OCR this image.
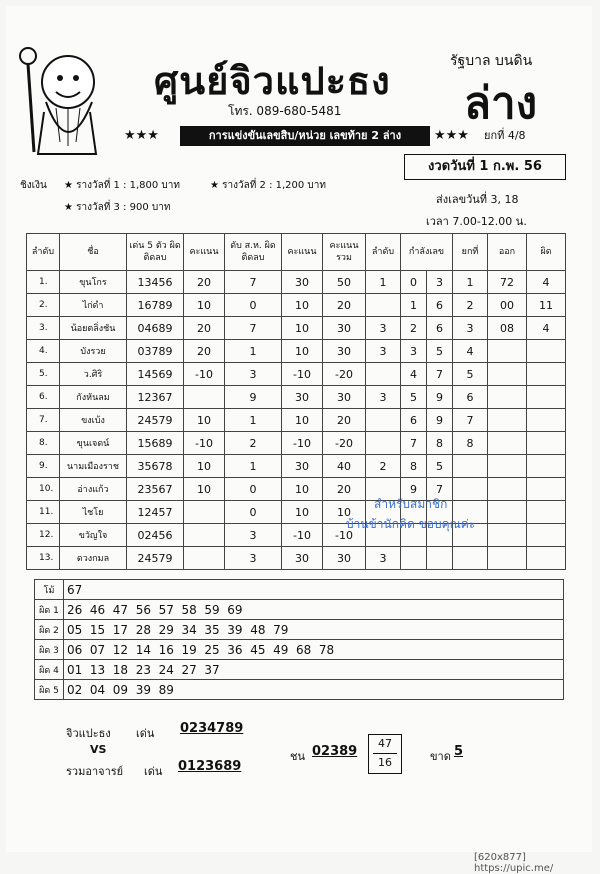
ศูนย์จิวแปะธง
โทร. 089-680-5481
รัฐบาล บนดิน
ล่าง
★★★	การแข่งขันเลขสิบ/หน่วย เลขท้าย 2 ล่าง	★★★ ยกที่ 4/8
งวดวันที่ 1 ก.พ. 56
ส่งเลขวันที่ 3, 18
เวลา 7.00-12.00 น.
ชิงเงิน ★ รางวัลที่ 1 : 1,800 บาท	★ รางวัลที่ 2 : 1,200 บาท
★ รางวัลที่ 3 : 900 บาท
ลำดับ	ชื่อ	เด่น 5 ตัว ผิดติดลบ	คะแนน	ดับ ส.ห. ผิดติดลบ	คะแนน	คะแนน รวม	ลำดับ	กำลังเลข		ยกที่	ออก	ผิด
1.	ขุนโกร	13456	20	7	30	50	1	0	3	1	72	4
2.	ไก่ดำ	16789	10	0	10	20		1	6	2	00	11
3.	น้อยตลิ่งชัน	04689	20	7	10	30	3	2	6	3	08	4
4.	บังรวย	03789	20	1	10	30	3	3	5	4		
5.	ว.ศิริ	14569	-10	3	-10	-20		4	7	5		
6.	กังหันลม	12367		9	30	30	3	5	9	6		
7.	ขงเบ้ง	24579	10	1	10	20		6	9	7		
8.	ขุนเจดน์	15689	-10	2	-10	-20		7	8	8		
9.	นามเมืองราช	35678	10	1	30	40	2	8	5			
10.	อ่างแก้ว	23567	10	0	10	20		9	7			
11.	ไชโย	12457		0	10	10						
12.	ขวัญใจ	02456		3	-10	-10						
13.	ดวงกมล	24579		3	30	30	3					
สำหรับสมาชิก
บ้านข้านักคิด ขอบคุณค่ะ
โม้	67
ผิด 1	26  46  47  56  57  58  59  69
ผิด 2	05  15  17  28  29  34  35  39  48  79
ผิด 3	06  07  12  14  16  19  25  36  45  49  68  78
ผิด 4	01  13  18  23  24  27  37
ผิด 5	02  04  09  39  89
จิวแปะธง เด่น 0234789
VS
รวมอาจารย์ เด่น 0123689
ชน 02389
47
16	ขาด 5
[620x877] https://upic.me/
